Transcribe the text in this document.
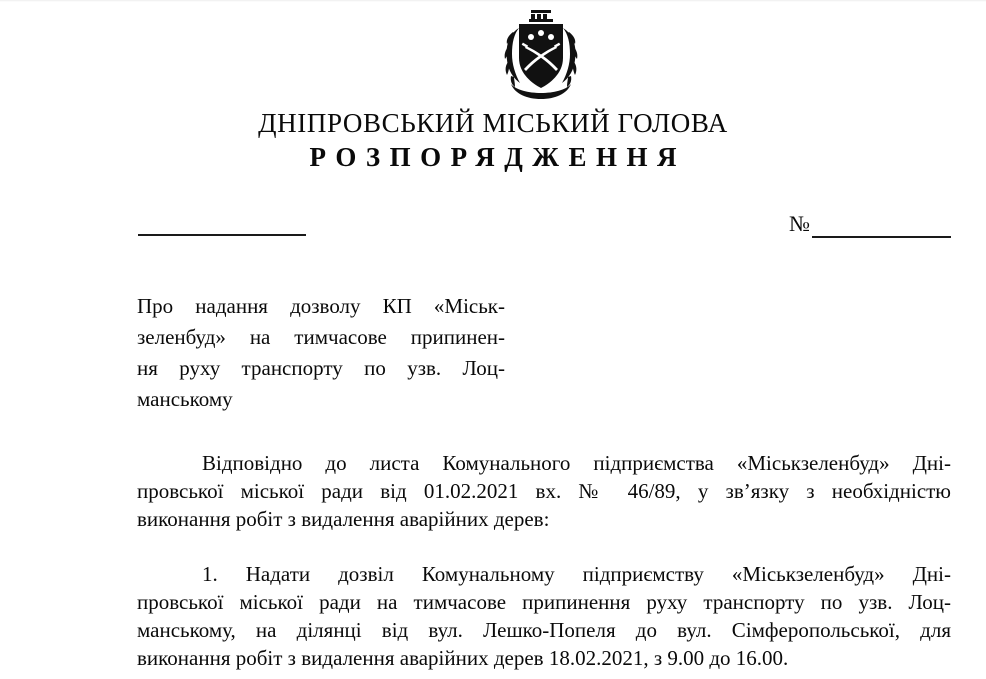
ДНІПРОВСЬКИЙ МІСЬКИЙ ГОЛОВА
РОЗПОРЯДЖЕННЯ
№
Про надання дозволу КП «Міськ-
зеленбуд» на тимчасове припинен-
ня руху транспорту по узв. Лоц-
манському
Відповідно до листа Комунального підприємства «Міськзеленбуд» Дні-
провської міської ради від 01.02.2021 вх. № 46/89, у зв’язку з необхідністю
виконання робіт з видалення аварійних дерев:
1. Надати дозвіл Комунальному підприємству «Міськзеленбуд» Дні-
провської міської ради на тимчасове припинення руху транспорту по узв. Лоц-
манському, на ділянці від вул. Лешко-Попеля до вул. Сімферопольської, для
виконання робіт з видалення аварійних дерев 18.02.2021, з 9.00 до 16.00.
